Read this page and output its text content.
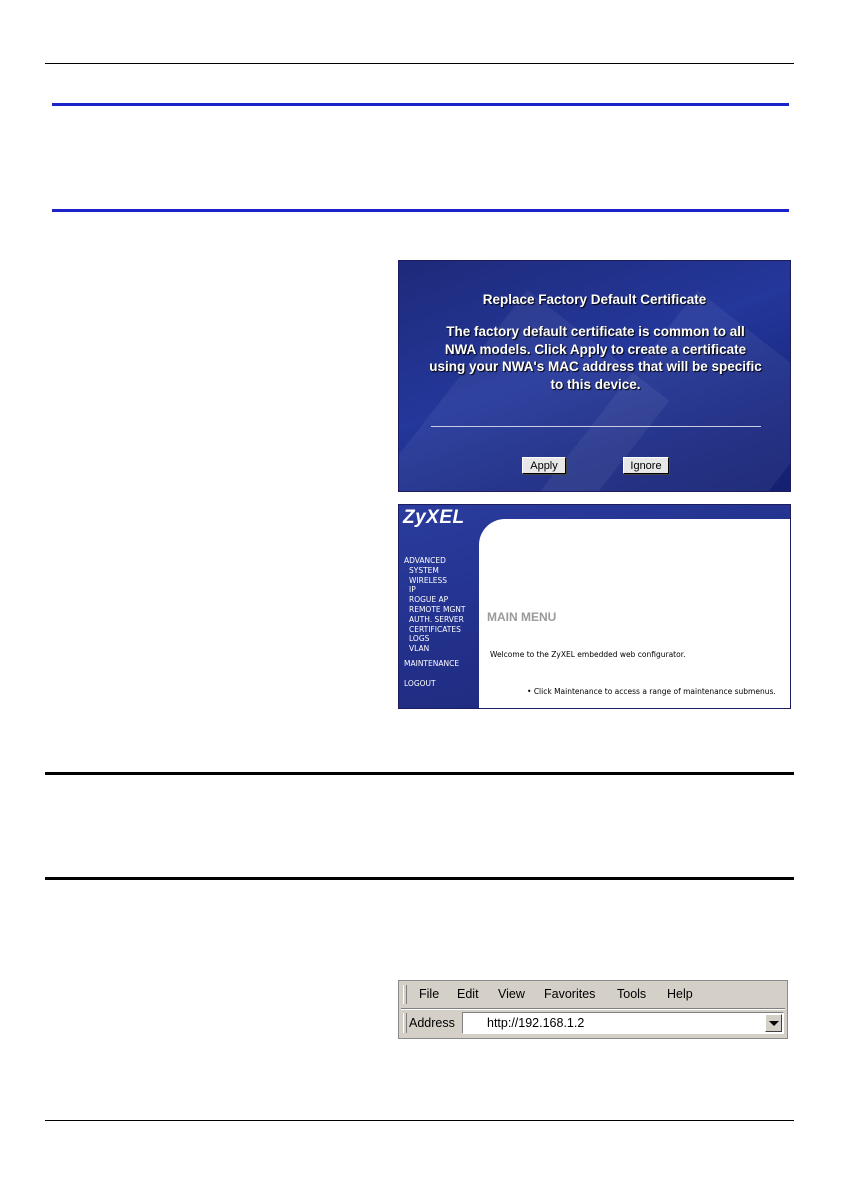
Replace Factory Default Certificate
The factory default certificate is common to all
NWA models. Click Apply to create a certificate
using your NWA's MAC address that will be specific
to this device.
Apply	Ignore
ZyXEL
ADVANCED
SYSTEM
WIRELESS
IP
ROGUE AP
REMOTE MGNT
AUTH. SERVER
CERTIFICATES
LOGS
VLAN
MAINTENANCE
LOGOUT
MAIN MENU
Welcome to the ZyXEL embedded web configurator.
• Click Maintenance to access a range of maintenance submenus.
File Edit View Favorites Tools Help
Address	http://192.168.1.2
